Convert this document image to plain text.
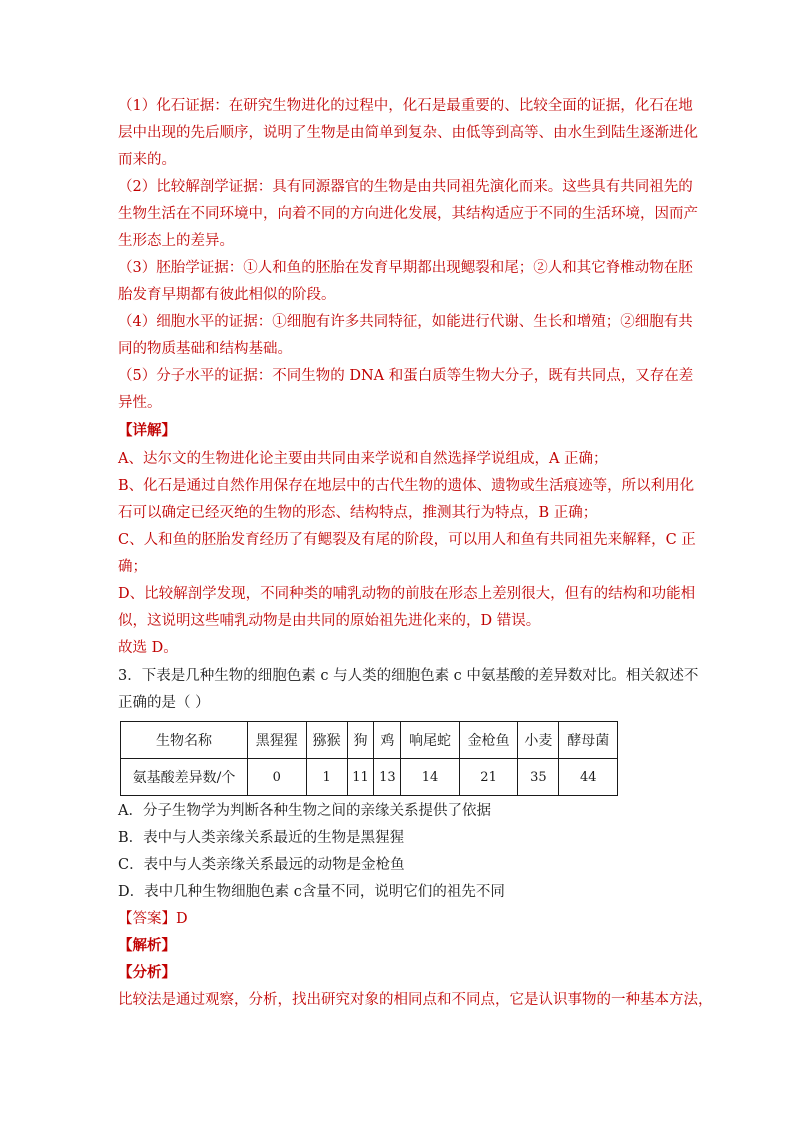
（1）化石证据：在研究生物进化的过程中，化石是最重要的、比较全面的证据，化石在地
层中出现的先后顺序，说明了生物是由简单到复杂、由低等到高等、由水生到陆生逐渐进化
而来的。
（2）比较解剖学证据：具有同源器官的生物是由共同祖先演化而来。这些具有共同祖先的
生物生活在不同环境中，向着不同的方向进化发展，其结构适应于不同的生活环境，因而产
生形态上的差异。
（3）胚胎学证据：①人和鱼的胚胎在发育早期都出现鳃裂和尾；②人和其它脊椎动物在胚
胎发育早期都有彼此相似的阶段。
（4）细胞水平的证据：①细胞有许多共同特征，如能进行代谢、生长和增殖；②细胞有共
同的物质基础和结构基础。
（5）分子水平的证据：不同生物的 DNA 和蛋白质等生物大分子，既有共同点，又存在差
异性。
【详解】
A、达尔文的生物进化论主要由共同由来学说和自然选择学说组成，A 正确；
B、化石是通过自然作用保存在地层中的古代生物的遗体、遗物或生活痕迹等，所以利用化
石可以确定已经灭绝的生物的形态、结构特点，推测其行为特点，B 正确；
C、人和鱼的胚胎发育经历了有鳃裂及有尾的阶段，可以用人和鱼有共同祖先来解释，C 正
确；
D、比较解剖学发现，不同种类的哺乳动物的前肢在形态上差别很大，但有的结构和功能相
似，这说明这些哺乳动物是由共同的原始祖先进化来的，D 错误。
故选 D。
3．下表是几种生物的细胞色素 c 与人类的细胞色素 c 中氨基酸的差异数对比。相关叙述不
正确的是（ ）
生物名称	黑猩猩	猕猴	狗	鸡	响尾蛇	金枪鱼	小麦	酵母菌
氨基酸差异数/个	0	1	11	13	14	21	35	44
A．分子生物学为判断各种生物之间的亲缘关系提供了依据
B．表中与人类亲缘关系最近的生物是黑猩猩
C．表中与人类亲缘关系最远的动物是金枪鱼
D．表中几种生物细胞色素 c含量不同，说明它们的祖先不同
【答案】D
【解析】
【分析】
比较法是通过观察，分析，找出研究对象的相同点和不同点，它是认识事物的一种基本方法，
